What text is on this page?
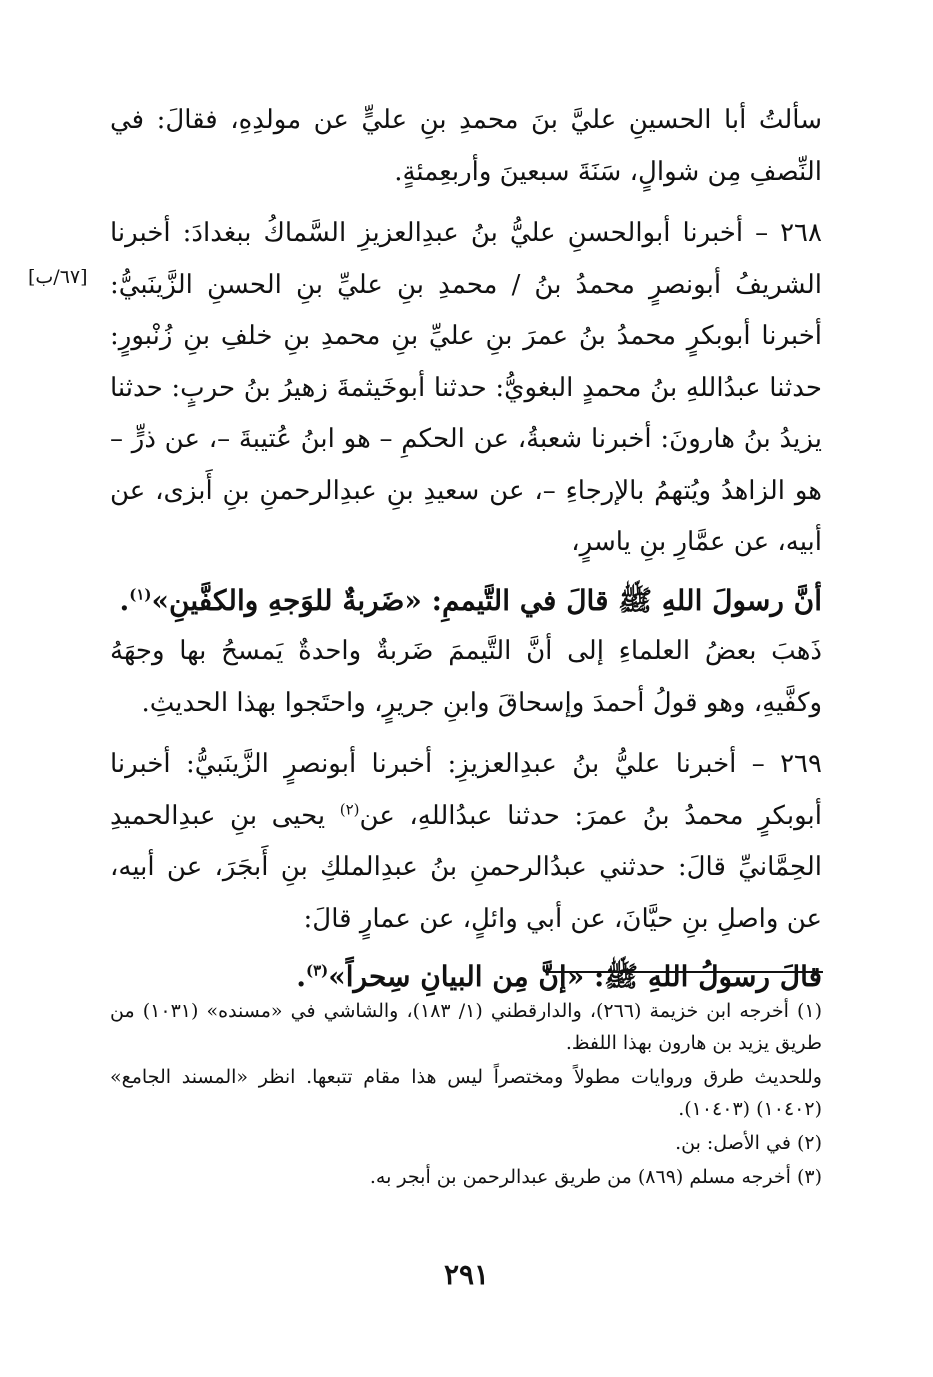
[٦٧/ب]

سألتُ أبا الحسينِ عليَّ بنَ محمدِ بنِ عليٍّ عن مولدِهِ، فقالَ: في النِّصفِ مِن شوالٍ، سَنَةَ سبعينَ وأربعِمئةٍ.

٢٦٨ – أخبرنا أبوالحسنِ عليُّ بنُ عبدِالعزيزِ السَّماكُ ببغدادَ: أخبرنا الشريفُ أبونصرٍ محمدُ بنُ / محمدِ بنِ عليِّ بنِ الحسنِ الزَّينَبيُّ: أخبرنا أبوبكرٍ محمدُ بنُ عمرَ بنِ عليِّ بنِ محمدِ بنِ خلفِ بنِ زُنْبورٍ: حدثنا عبدُاللهِ بنُ محمدٍ البغويُّ: حدثنا أبوخَيثمةَ زهيرُ بنُ حربٍ: حدثنا يزيدُ بنُ هارونَ: أخبرنا شعبةُ، عن الحكمِ – هو ابنُ عُتيبةَ –، عن ذرٍّ – هو الزاهدُ ويُتهمُ بالإرجاءِ –، عن سعيدِ بنِ عبدِالرحمنِ بنِ أَبزى، عن أبيه، عن عمَّارِ بنِ ياسرٍ،

أنَّ رسولَ اللهِ ﷺ قالَ في التَّيممِ: «ضَربةٌ للوَجهِ والكفَّينِ»$^{(١)}$.

ذَهبَ بعضُ العلماءِ إلى أنَّ التَّيممَ ضَربةٌ واحدةٌ يَمسحُ بها وجهَهُ وكفَّيهِ، وهو قولُ أحمدَ وإسحاقَ وابنِ جريرٍ، واحتَجوا بهذا الحديثِ.

٢٦٩ – أخبرنا عليُّ بنُ عبدِالعزيزِ: أخبرنا أبونصرٍ الزَّينَبيُّ: أخبرنا أبوبكرٍ محمدُ بنُ عمرَ: حدثنا عبدُاللهِ، عن$^{(٢)}$ يحيى بنِ عبدِالحميدِ الحِمَّانيِّ قالَ: حدثني عبدُالرحمنِ بنُ عبدِالملكِ بنِ أَبجَرَ، عن أبيه، عن واصلِ بنِ حيَّانَ، عن أبي وائلٍ، عن عمارٍ قالَ:

قالَ رسولُ اللهِ ﷺ: «إنَّ مِن البيانِ سِحراً»$^{(٣)}$.

(١) أخرجه ابن خزيمة (٢٦٦)، والدارقطني (١/ ١٨٣)، والشاشي في «مسنده» (١٠٣١) من طريق يزيد بن هارون بهذا اللفظ.

وللحديث طرق وروايات مطولاً ومختصراً ليس هذا مقام تتبعها. انظر «المسند الجامع» (١٠٤٠٢) (١٠٤٠٣).

(٢) في الأصل: بن.

(٣) أخرجه مسلم (٨٦٩) من طريق عبدالرحمن بن أبجر به.

٢٩١
